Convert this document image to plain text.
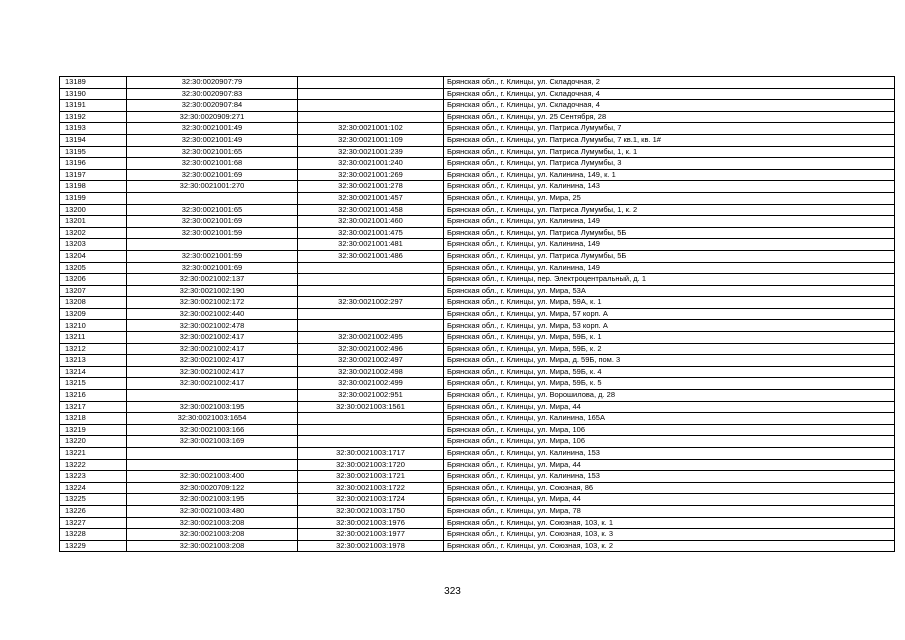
13189	32:30:0020907:79		Брянская обл., г. Клинцы, ул. Складочная, 2
13190	32:30:0020907:83		Брянская обл., г. Клинцы, ул. Складочная, 4
13191	32:30:0020907:84		Брянская обл., г. Клинцы, ул. Складочная, 4
13192	32:30:0020909:271		Брянская обл., г. Клинцы, ул. 25 Сентября, 28
13193	32:30:0021001:49	32:30:0021001:102	Брянская обл., г. Клинцы, ул. Патриса Лумумбы, 7
13194	32:30:0021001:49	32:30:0021001:109	Брянская обл., г. Клинцы, ул. Патриса Лумумбы, 7 кв.1, кв. 1#
13195	32:30:0021001:65	32:30:0021001:239	Брянская обл., г. Клинцы, ул. Патриса Лумумбы, 1, к. 1
13196	32:30:0021001:68	32:30:0021001:240	Брянская обл., г. Клинцы, ул. Патриса Лумумбы, 3
13197	32:30:0021001:69	32:30:0021001:269	Брянская обл., г. Клинцы, ул. Калинина, 149, к. 1
13198	32:30:0021001:270	32:30:0021001:278	Брянская обл., г. Клинцы, ул. Калинина, 143
13199		32:30:0021001:457	Брянская обл., г. Клинцы, ул. Мира, 25
13200	32:30:0021001:65	32:30:0021001:458	Брянская обл., г. Клинцы, ул. Патриса Лумумбы, 1, к. 2
13201	32:30:0021001:69	32:30:0021001:460	Брянская обл., г. Клинцы, ул. Калинина, 149
13202	32:30:0021001:59	32:30:0021001:475	Брянская обл., г. Клинцы, ул. Патриса Лумумбы, 5Б
13203		32:30:0021001:481	Брянская обл., г. Клинцы, ул. Калинина, 149
13204	32:30:0021001:59	32:30:0021001:486	Брянская обл., г. Клинцы, ул. Патриса Лумумбы, 5Б
13205	32:30:0021001:69		Брянская обл., г. Клинцы, ул. Калинина, 149
13206	32:30:0021002:137		Брянская обл., г. Клинцы, пер. Электроцентральный, д. 1
13207	32:30:0021002:190		Брянская обл., г. Клинцы, ул. Мира, 53А
13208	32:30:0021002:172	32:30:0021002:297	Брянская обл., г. Клинцы, ул. Мира, 59А, к. 1
13209	32:30:0021002:440		Брянская обл., г. Клинцы, ул. Мира, 57 корп. А
13210	32:30:0021002:478		Брянская обл., г. Клинцы, ул. Мира, 53 корп. А
13211	32:30:0021002:417	32:30:0021002:495	Брянская обл., г. Клинцы, ул. Мира, 59Б, к. 1
13212	32:30:0021002:417	32:30:0021002:496	Брянская обл., г. Клинцы, ул. Мира, 59Б, к. 2
13213	32:30:0021002:417	32:30:0021002:497	Брянская обл., г. Клинцы, ул. Мира, д. 59Б, пом. 3
13214	32:30:0021002:417	32:30:0021002:498	Брянская обл., г. Клинцы, ул. Мира, 59Б, к. 4
13215	32:30:0021002:417	32:30:0021002:499	Брянская обл., г. Клинцы, ул. Мира, 59Б, к. 5
13216		32:30:0021002:951	Брянская обл., г. Клинцы, ул. Ворошилова, д. 28
13217	32:30:0021003:195	32:30:0021003:1561	Брянская обл., г. Клинцы, ул. Мира, 44
13218	32:30:0021003:1654		Брянская обл., г. Клинцы, ул. Калинина, 165А
13219	32:30:0021003:166		Брянская обл., г. Клинцы, ул. Мира, 106
13220	32:30:0021003:169		Брянская обл., г. Клинцы, ул. Мира, 106
13221		32:30:0021003:1717	Брянская обл., г. Клинцы, ул. Калинина, 153
13222		32:30:0021003:1720	Брянская обл., г. Клинцы, ул. Мира, 44
13223	32:30:0021003:400	32:30:0021003:1721	Брянская обл., г. Клинцы, ул. Калинина, 153
13224	32:30:0020709:122	32:30:0021003:1722	Брянская обл., г. Клинцы, ул. Союзная, 86
13225	32:30:0021003:195	32:30:0021003:1724	Брянская обл., г. Клинцы, ул. Мира, 44
13226	32:30:0021003:480	32:30:0021003:1750	Брянская обл., г. Клинцы, ул. Мира, 78
13227	32:30:0021003:208	32:30:0021003:1976	Брянская обл., г. Клинцы, ул. Союзная, 103, к. 1
13228	32:30:0021003:208	32:30:0021003:1977	Брянская обл., г. Клинцы, ул. Союзная, 103, к. 3
13229	32:30:0021003:208	32:30:0021003:1978	Брянская обл., г. Клинцы, ул. Союзная, 103, к. 2
323
